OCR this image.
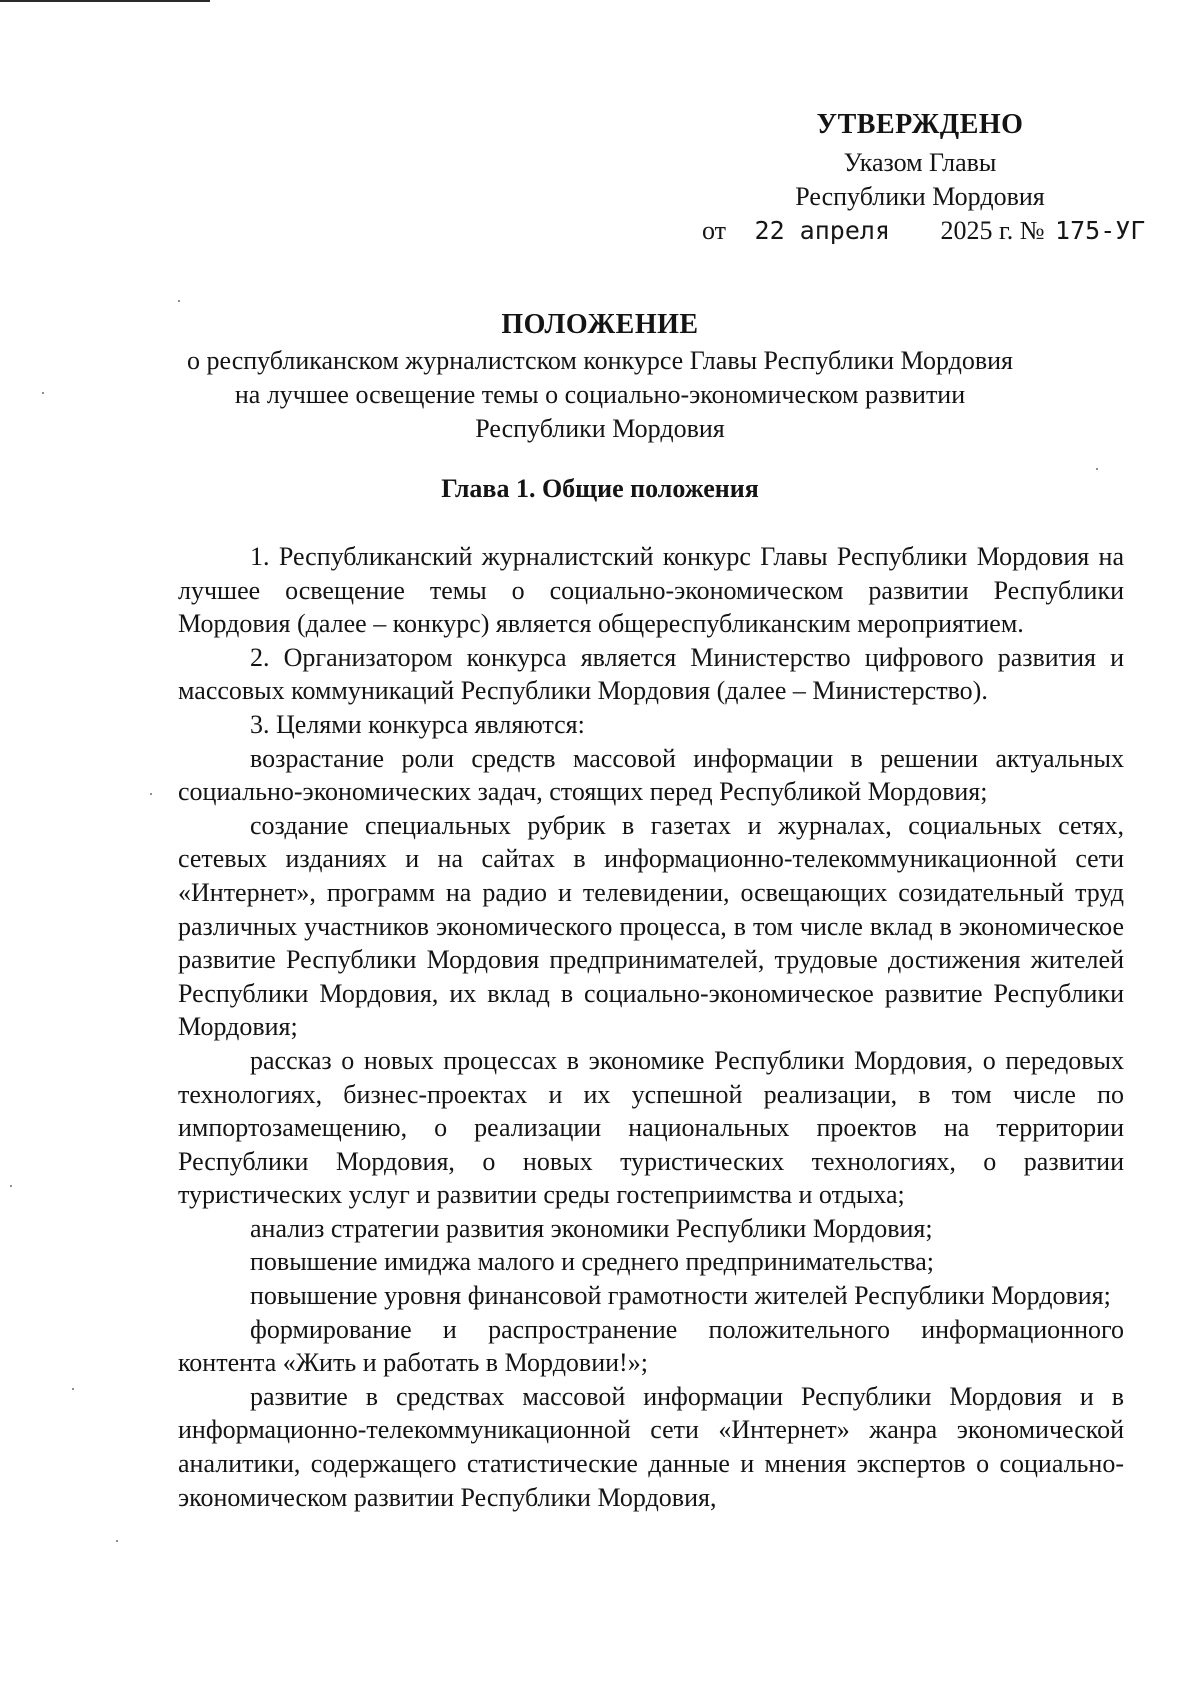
УТВЕРЖДЕНО
Указом Главы
Республики Мордовия
от 22 апреля 2025 г. № 175-УГ
ПОЛОЖЕНИЕ
о республиканском журналистском конкурсе Главы Республики Мордовия
на лучшее освещение темы о социально-экономическом развитии
Республики Мордовия
Глава 1. Общие положения

1. Республиканский журналистский конкурс Главы Республики Мордовия на лучшее освещение темы о социально-экономическом развитии Республики Мордовия (далее – конкурс) является общереспубликанским мероприятием.

2. Организатором конкурса является Министерство цифрового развития и массовых коммуникаций Республики Мордовия (далее – Министерство).

3. Целями конкурса являются:

возрастание роли средств массовой информации в решении актуальных социально-экономических задач, стоящих перед Республикой Мордовия;

создание специальных рубрик в газетах и журналах, социальных сетях, сетевых изданиях и на сайтах в информационно-телекоммуникационной сети «Интернет», программ на радио и телевидении, освещающих созидательный труд различных участников экономического процесса, в том числе вклад в экономическое развитие Республики Мордовия предпринимателей, трудовые достижения жителей Республики Мордовия, их вклад в социально-экономическое развитие Республики Мордовия;

рассказ о новых процессах в экономике Республики Мордовия, о передовых технологиях, бизнес-проектах и их успешной реализации, в том числе по импортозамещению, о реализации национальных проектов на территории Республики Мордовия, о новых туристических технологиях, о развитии туристических услуг и развитии среды гостеприимства и отдыха;

анализ стратегии развития экономики Республики Мордовия;

повышение имиджа малого и среднего предпринимательства;

повышение уровня финансовой грамотности жителей Республики Мордовия;

формирование и распространение положительного информационного контента «Жить и работать в Мордовии!»;

развитие в средствах массовой информации Республики Мордовия и в информационно-телекоммуникационной сети «Интернет» жанра экономической аналитики, содержащего статистические данные и мнения экспертов о социально-экономическом развитии Республики Мордовия,
